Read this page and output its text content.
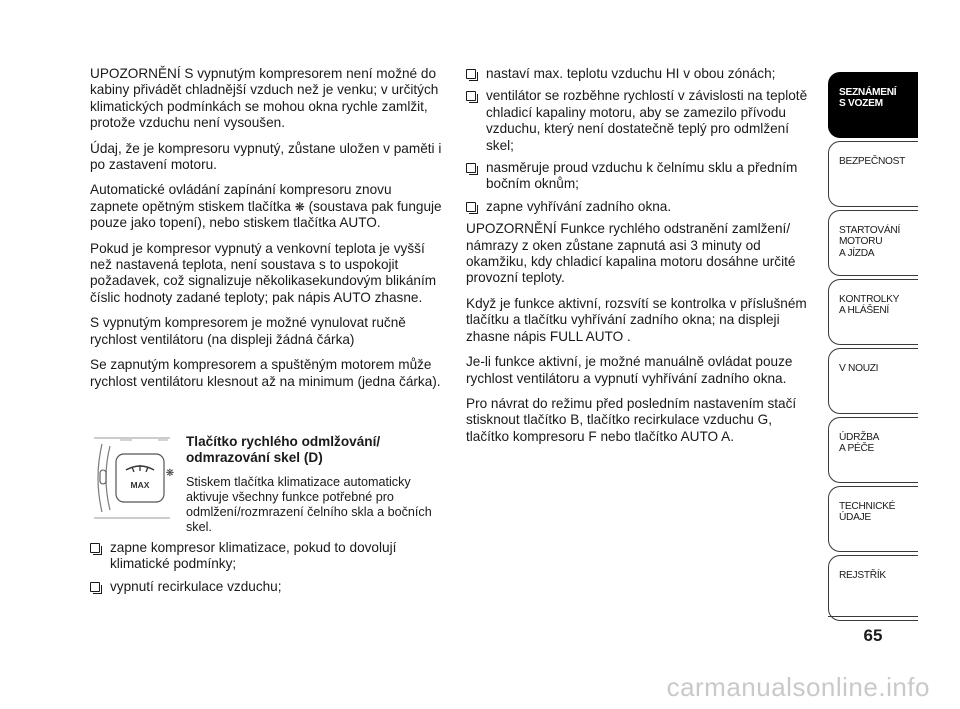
UPOZORNĚNÍ S vypnutým kompresorem není možné do kabiny přivádět chladnější vzduch než je venku; v určitých klimatických podmínkách se mohou okna rychle zamlžit, protože vzduchu není vysoušen.

Údaj, že je kompresoru vypnutý, zůstane uložen v paměti i po zastavení motoru.

Automatické ovládání zapínání kompresoru znovu zapnete opětným stiskem tlačítka ❋ (soustava pak funguje pouze jako topení), nebo stiskem tlačítka AUTO.

Pokud je kompresor vypnutý a venkovní teplota je vyšší než nastavená teplota, není soustava s to uspokojit požadavek, což signalizuje několikasekundovým blikáním číslic hodnoty zadané teploty; pak nápis AUTO zhasne.

S vypnutým kompresorem je možné vynulovat ručně rychlost ventilátoru (na displeji žádná čárka)

Se zapnutým kompresorem a spuštěným motorem může rychlost ventilátoru klesnout až na minimum (jedna čárka).

MAX
❋
Tlačítko rychlého odmlžování/ odmrazování skel (D)

Stiskem tlačítka klimatizace automaticky aktivuje všechny funkce potřebné pro odmlžení/rozmrazení čelního skla a bočních skel.

zapne kompresor klimatizace, pokud to dovolují klimatické podmínky;
vypnutí recirkulace vzduchu;
nastaví max. teplotu vzduchu HI v obou zónách;
ventilátor se rozběhne rychlostí v závislosti na teplotě chladicí kapaliny motoru, aby se zamezilo přívodu vzduchu, který není dostatečně teplý pro odmlžení skel;
nasměruje proud vzduchu k čelnímu sklu a předním bočním oknům;
zapne vyhřívání zadního okna.

UPOZORNĚNÍ Funkce rychlého odstranění zamlžení/ námrazy z oken zůstane zapnutá asi 3 minuty od okamžiku, kdy chladicí kapalina motoru dosáhne určité provozní teploty.

Když je funkce aktivní, rozsvítí se kontrolka v příslušném tlačítku a tlačítku vyhřívání zadního okna; na displeji zhasne nápis FULL AUTO .

Je-li funkce aktivní, je možné manuálně ovládat pouze rychlost ventilátoru a vypnutí vyhřívání zadního okna.

Pro návrat do režimu před posledním nastavením stačí stisknout tlačítko B, tlačítko recirkulace vzduchu G, tlačítko kompresoru F nebo tlačítko AUTO A.

SEZNÁMENÍ
S VOZEM
BEZPEČNOST
STARTOVÁNÍ
MOTORU
A JÍZDA
KONTROLKY
A HLÁŠENÍ
V NOUZI
ÚDRŽBA
A PÉČE
TECHNICKÉ
ÚDAJE
REJSTŘÍK
65
carmanualsonline.info
